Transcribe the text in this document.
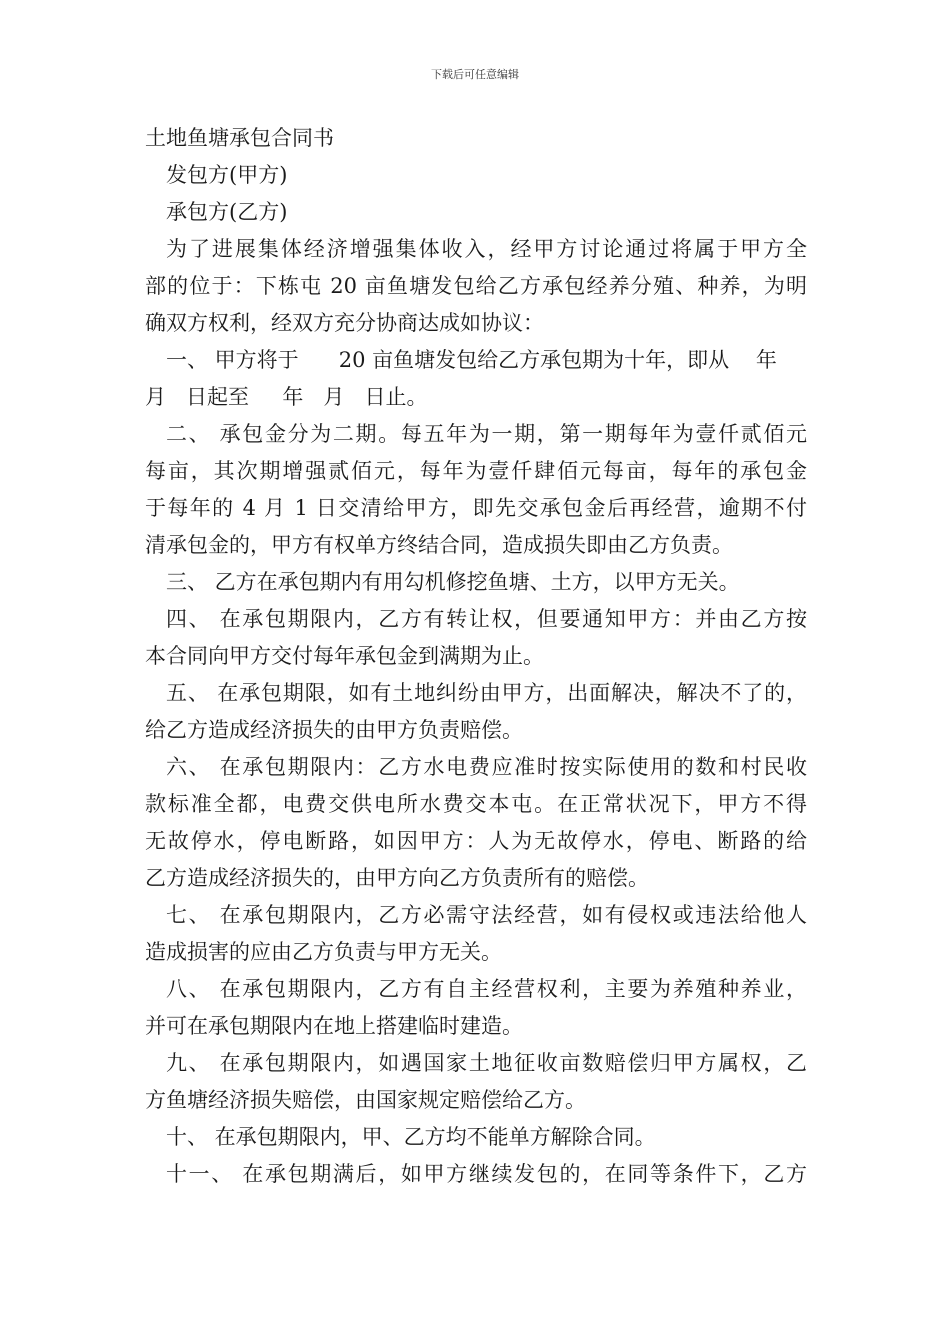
下载后可任意编辑
土地鱼塘承包合同书
发包方(甲方)
承包方(乙方)
为了进展集体经济增强集体收入，经甲方讨论通过将属于甲方全
部的位于：下栋屯 20 亩鱼塘发包给乙方承包经养分殖、种养，为明
确双方权利，经双方充分协商达成如协议：
一、 甲方将于      20 亩鱼塘发包给乙方承包期为十年，即从    年
月   日起至     年   月   日止。
二、 承包金分为二期。每五年为一期，第一期每年为壹仟贰佰元
每亩，其次期增强贰佰元，每年为壹仟肆佰元每亩，每年的承包金
于每年的 4 月 1 日交清给甲方，即先交承包金后再经营，逾期不付
清承包金的，甲方有权单方终结合同，造成损失即由乙方负责。
三、 乙方在承包期内有用勾机修挖鱼塘、土方，以甲方无关。
四、 在承包期限内，乙方有转让权，但要通知甲方：并由乙方按
本合同向甲方交付每年承包金到满期为止。
五、 在承包期限，如有土地纠纷由甲方，出面解决，解决不了的，
给乙方造成经济损失的由甲方负责赔偿。
六、 在承包期限内：乙方水电费应准时按实际使用的数和村民收
款标准全都，电费交供电所水费交本屯。在正常状况下，甲方不得
无故停水，停电断路，如因甲方：人为无故停水，停电、断路的给
乙方造成经济损失的，由甲方向乙方负责所有的赔偿。
七、 在承包期限内，乙方必需守法经营，如有侵权或违法给他人
造成损害的应由乙方负责与甲方无关。
八、 在承包期限内，乙方有自主经营权利，主要为养殖种养业，
并可在承包期限内在地上搭建临时建造。
九、 在承包期限内，如遇国家土地征收亩数赔偿归甲方属权，乙
方鱼塘经济损失赔偿，由国家规定赔偿给乙方。
十、 在承包期限内，甲、乙方均不能单方解除合同。
十一、 在承包期满后，如甲方继续发包的，在同等条件下，乙方
